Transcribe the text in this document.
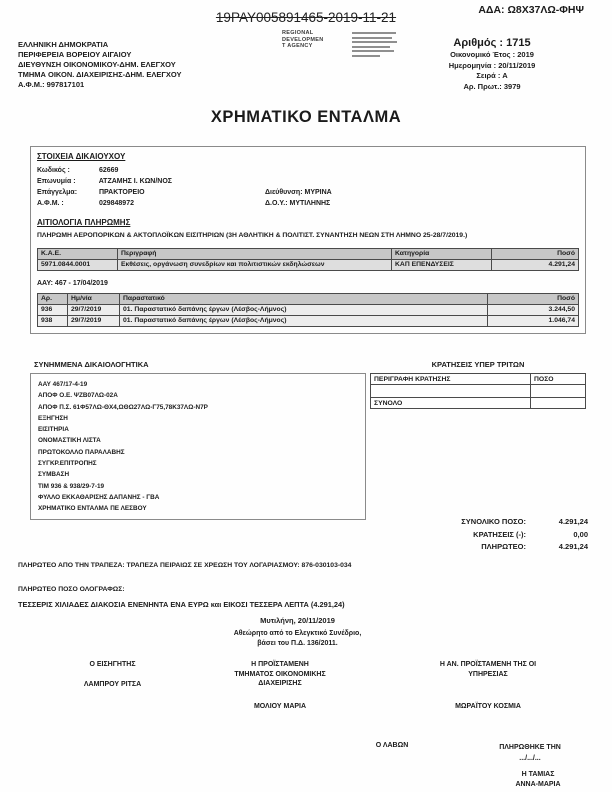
ΑΔΑ: Ω8Χ37ΛΩ-ΦΗΨ
19ΡΑΥ005891465-2019-11-21
ΕΛΛΗΝΙΚΗ ΔΗΜΟΚΡΑΤΙΑ
ΠΕΡΙΦΕΡΕΙΑ ΒΟΡΕΙΟΥ ΑΙΓΑΙΟΥ
ΔΙΕΥΘΥΝΣΗ ΟΙΚΟΝΟΜΙΚΟΥ-ΔΗΜ. ΕΛΕΓΧΟΥ
ΤΜΗΜΑ ΟΙΚΟΝ. ΔΙΑΧΕΙΡΙΣΗΣ-ΔΗΜ. ΕΛΕΓΧΟΥ
Α.Φ.Μ.: 997817101
REGIONAL
DEVELOPMEN
T AGENCY	Αριθμός : 1715
Οικονομικό Έτος : 2019
Ημερομηνία : 20/11/2019
Σειρά : Α
Αρ. Πρωτ.: 3979
ΧΡΗΜΑΤΙΚΟ ΕΝΤΑΛΜΑ
ΣΤΟΙΧΕΙΑ ΔΙΚΑΙΟΥΧΟΥ
Κωδικός :	62669
Επωνυμία :	ΑΤΖΑΜΗΣ Ι. ΚΩΝ/ΝΟΣ
Επάγγελμα:	ΠΡΑΚΤΟΡΕΙΟ	Διεύθυνση: ΜΥΡΙΝΑ
Α.Φ.Μ. :	029848972	Δ.Ο.Υ.: ΜΥΤΙΛΗΝΗΣ
ΑΙΤΙΟΛΟΓΙΑ ΠΛΗΡΩΜΗΣ
ΠΛΗΡΩΜΗ ΑΕΡΟΠΟΡΙΚΩΝ & ΑΚΤΟΠΛΟΪΚΩΝ ΕΙΣΙΤΗΡΙΩΝ (3Η ΑΘΛΗΤΙΚΗ & ΠΟΛΙΤΙΣΤ. ΣΥΝΑΝΤΗΣΗ ΝΕΩΝ ΣΤΗ ΛΗΜΝΟ 25-28/7/2019.)
Κ.Α.Ε.	Περιγραφή	Κατηγορία	Ποσό
5971.0844.0001	Εκθέσεις, οργάνωση συνεδρίων και πολιτιστικών εκδηλώσεων	ΚΑΠ ΕΠΕΝΔΥΣΕΙΣ	4.291,24
ΑΑΥ: 467 - 17/04/2019
Αρ.	Ημ/νία	Παραστατικό	Ποσό
936	29/7/2019	01. Παραστατικό δαπάνης έργων (Λέσβος-Λήμνος)	3.244,50
938	29/7/2019	01. Παραστατικό δαπάνης έργων (Λέσβος-Λήμνος)	1.046,74
ΣΥΝΗΜΜΕΝΑ ΔΙΚΑΙΟΛΟΓΗΤΙΚΑ	ΚΡΑΤΗΣΕΙΣ ΥΠΕΡ ΤΡΙΤΩΝ
ΑΑΥ 467/17-4-19
ΑΠΟΦ Ο.Ε. ΨΖΒ07ΛΩ-02Α
ΑΠΟΦ Π.Σ. 61Φ57ΛΩ-ΘΧ4,ΩΘΩ27ΛΩ-Γ75,78Κ37ΛΩ-Ν7Ρ
ΕΞΗΓΗΣΗ
ΕΙΣΙΤΗΡΙΑ
ΟΝΟΜΑΣΤΙΚΗ ΛΙΣΤΑ
ΠΡΩΤΟΚΟΛΛΟ ΠΑΡΑΛΑΒΗΣ
ΣΥΓΚΡ.ΕΠΙΤΡΟΠΗΣ
ΣΥΜΒΑΣΗ
ΤΙΜ 936 & 938/29-7-19
ΦΥΛΛΟ ΕΚΚΑΘΑΡΙΣΗΣ ΔΑΠΑΝΗΣ - ΓΒΑ
ΧΡΗΜΑΤΙΚΟ ΕΝΤΑΛΜΑ ΠΕ ΛΕΣΒΟΥ
ΠΕΡΙΓΡΑΦΗ ΚΡΑΤΗΣΗΣ	ΠΟΣΟ
ΣΥΝΟΛΟ
ΣΥΝΟΛΙΚΟ ΠΟΣΟ:	4.291,24
ΚΡΑΤΗΣΕΙΣ (-):	0,00
ΠΛΗΡΩΤΕΟ:	4.291,24
ΠΛΗΡΩΤΕΟ ΑΠΟ ΤΗΝ ΤΡΑΠΕΖΑ: ΤΡΑΠΕΖΑ ΠΕΙΡΑΙΩΣ ΣΕ ΧΡΕΩΣΗ ΤΟΥ ΛΟΓΑΡΙΑΣΜΟΥ: 876-030103-034
ΠΛΗΡΩΤΕΟ ΠΟΣΟ ΟΛΟΓΡΑΦΩΣ:
ΤΕΣΣΕΡΙΣ ΧΙΛΙΑΔΕΣ ΔΙΑΚΟΣΙΑ ΕΝΕΝΗΝΤΑ ΕΝΑ ΕΥΡΩ και ΕΙΚΟΣΙ ΤΕΣΣΕΡΑ ΛΕΠΤΑ (4.291,24)
Μυτιλήνη, 20/11/2019
Αθεώρητο από το Ελεγκτικό Συνέδριο,
βάσει του Π.Δ. 136/2011.
Ο ΕΙΣΗΓΗΤΗΣ
ΛΑΜΠΡΟΥ ΡΙΤΣΑ
Η ΠΡΟΪΣΤΑΜΕΝΗ
ΤΜΗΜΑΤΟΣ ΟΙΚΟΝΟΜΙΚΗΣ
ΔΙΑΧΕΙΡΙΣΗΣ
ΜΟΛΙΟΥ ΜΑΡΙΑ
Η ΑΝ. ΠΡΟΪΣΤΑΜΕΝΗ ΤΗΣ ΟΙ
ΥΠΗΡΕΣΙΑΣ
ΜΩΡΑΪΤΟΥ ΚΟΣΜΙΑ
Ο ΛΑΒΩΝ	ΠΛΗΡΩΘΗΚΕ ΤΗΝ
.../.../...
Η ΤΑΜΙΑΣ
ΑΝΝΑ-ΜΑΡΙΑ
